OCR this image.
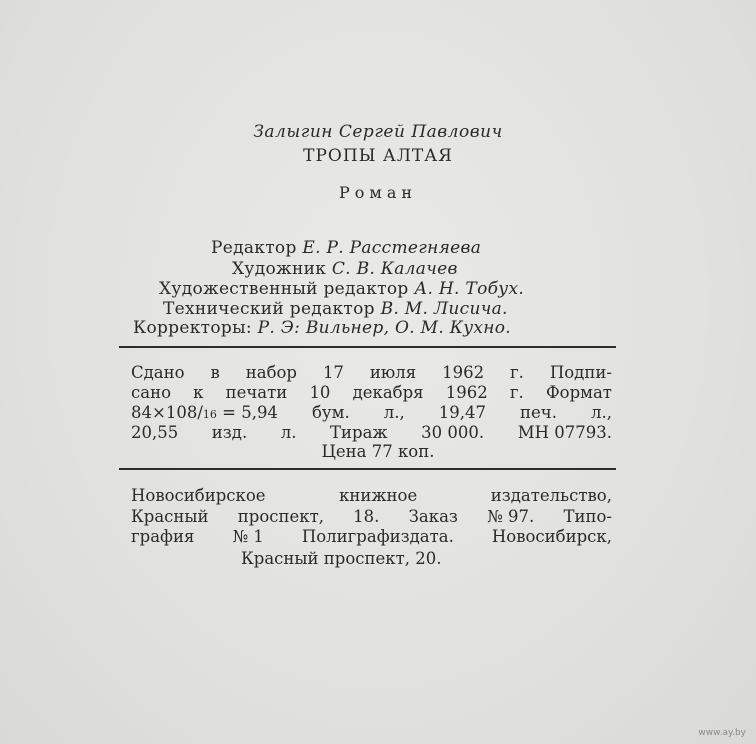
Залыгин Сергей Павлович
ТРОПЫ АЛТАЯ
Роман
Редактор Е. Р. Расстегняева
Художник С. В. Калачев
Художественный редактор А. Н. Тобух.
Технический редактор В. М. Лисича.
Корректоры: Р. Э: Вильнер, О. М. Кухно.
Сдано в набор 17 июля 1962 г. Подпи-
сано к печати 10 декабря 1962 г. Формат
84×108/16 = 5,94 бум. л., 19,47 печ. л.,
20,55 изд. л. Тираж 30 000. МН 07793.
Цена 77 коп.
Новосибирское	книжное	издательство,
Красный проспект, 18. Заказ № 97. Типо-
графия № 1 Полиграфиздата. Новосибирск,
Красный проспект, 20.
www.ay.by
